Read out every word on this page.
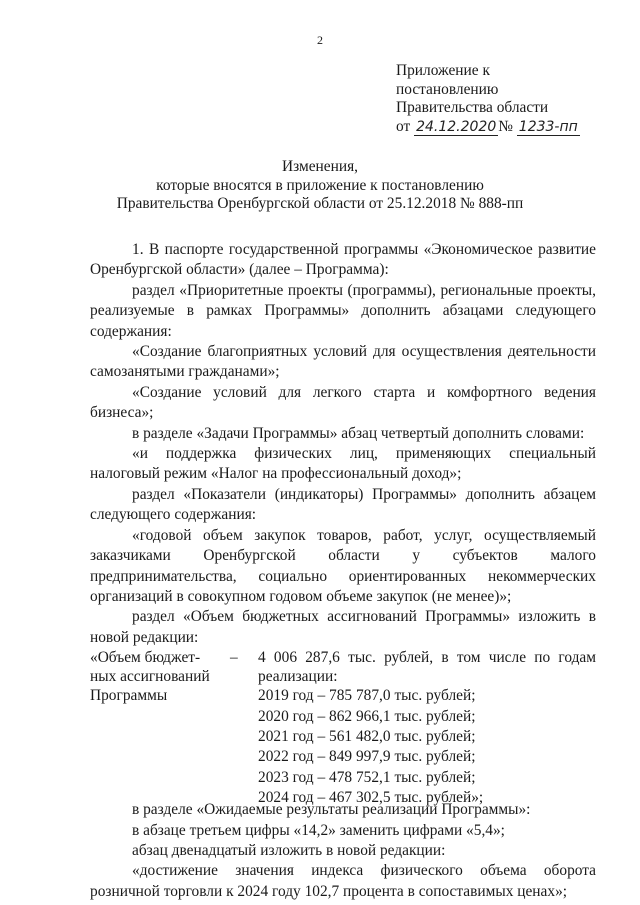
2
Приложение к
постановлению
Правительства области
от 24.12.2020 № 1233-пп
Изменения,
которые вносятся в приложение к постановлению
Правительства Оренбургской области от 25.12.2018 № 888-пп

1. В паспорте государственной программы «Экономическое развитие Оренбургской области» (далее – Программа):

раздел «Приоритетные проекты (программы), региональные проекты, реализуемые в рамках Программы» дополнить абзацами следующего содержания:

«Создание благоприятных условий для осуществления деятельности самозанятыми гражданами»;

«Создание условий для легкого старта и комфортного ведения бизнеса»;

в разделе «Задачи Программы» абзац четвертый дополнить словами:

«и поддержка физических лиц, применяющих специальный налоговый режим «Налог на профессиональный доход»;

раздел «Показатели (индикаторы) Программы» дополнить абзацем следующего содержания:

«годовой объем закупок товаров, работ, услуг, осуществляемый заказчиками Оренбургской области у субъектов малого предпринимательства, социально ориентированных некоммерческих организаций в совокупном годовом объеме закупок (не менее)»;

раздел «Объем бюджетных ассигнований Программы» изложить в новой редакции:

«Объем бюджет-
ных ассигнований
Программы
– 4 006 287,6 тыс. рублей, в том числе по годам реализации:
2019 год – 785 787,0 тыс. рублей;
2020 год – 862 966,1 тыс. рублей;
2021 год – 561 482,0 тыс. рублей;
2022 год – 849 997,9 тыс. рублей;
2023 год – 478 752,1 тыс. рублей;
2024 год – 467 302,5 тыс. рублей»;

в разделе «Ожидаемые результаты реализации Программы»:

в абзаце третьем цифры «14,2» заменить цифрами «5,4»;

абзац двенадцатый изложить в новой редакции:

«достижение значения индекса физического объема оборота розничной торговли к 2024 году 102,7 процента в сопоставимых ценах»;
